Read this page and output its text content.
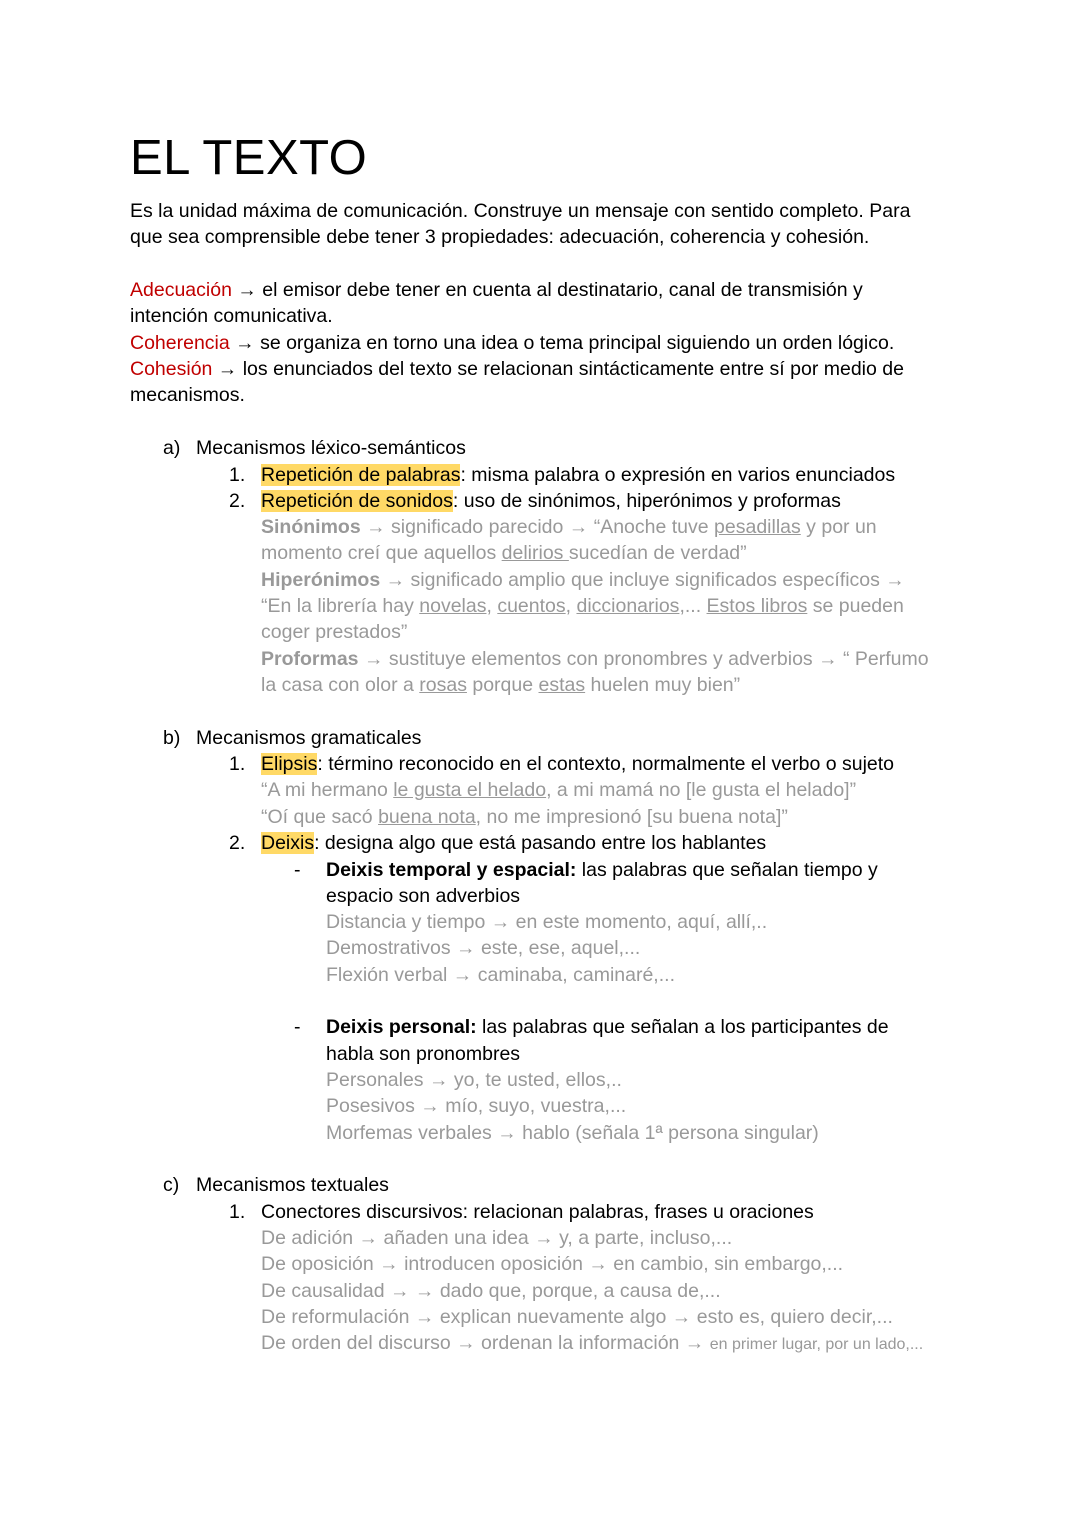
EL TEXTO

Es la unidad máxima de comunicación. Construye un mensaje con sentido completo. Para

que sea comprensible debe tener 3 propiedades: adecuación, coherencia y cohesión.

Adecuación → el emisor debe tener en cuenta al destinatario, canal de transmisión y

intención comunicativa.

Coherencia → se organiza en torno una idea o tema principal siguiendo un orden lógico.

Cohesión → los enunciados del texto se relacionan sintácticamente entre sí por medio de

mecanismos.

a) Mecanismos léxico-semánticos

1. Repetición de palabras: misma palabra o expresión en varios enunciados

2. Repetición de sonidos: uso de sinónimos, hiperónimos y proformas

Sinónimos → significado parecido → “Anoche tuve pesadillas y por un

momento creí que aquellos delirios sucedían de verdad”

Hiperónimos → significado amplio que incluye significados específicos →

“En la librería hay novelas, cuentos, diccionarios,... Estos libros se pueden

coger prestados”

Proformas → sustituye elementos con pronombres y adverbios → “ Perfumo

la casa con olor a rosas porque estas huelen muy bien”

b) Mecanismos gramaticales

1. Elipsis: término reconocido en el contexto, normalmente el verbo o sujeto

“A mi hermano le gusta el helado, a mi mamá no [le gusta el helado]”

“Oí que sacó buena nota, no me impresionó [su buena nota]”

2. Deixis: designa algo que está pasando entre los hablantes

- Deixis temporal y espacial: las palabras que señalan tiempo y

espacio son adverbios

Distancia y tiempo → en este momento, aquí, allí,..

Demostrativos → este, ese, aquel,...

Flexión verbal → caminaba, caminaré,...

- Deixis personal: las palabras que señalan a los participantes de

habla son pronombres

Personales → yo, te usted, ellos,..

Posesivos → mío, suyo, vuestra,...

Morfemas verbales → hablo (señala 1ª persona singular)

c) Mecanismos textuales

1. Conectores discursivos: relacionan palabras, frases u oraciones

De adición → añaden una idea → y, a parte, incluso,...

De oposición → introducen oposición → en cambio, sin embargo,...

De causalidad → → dado que, porque, a causa de,...

De reformulación → explican nuevamente algo → esto es, quiero decir,...

De orden del discurso → ordenan la información → en primer lugar, por un lado,...
